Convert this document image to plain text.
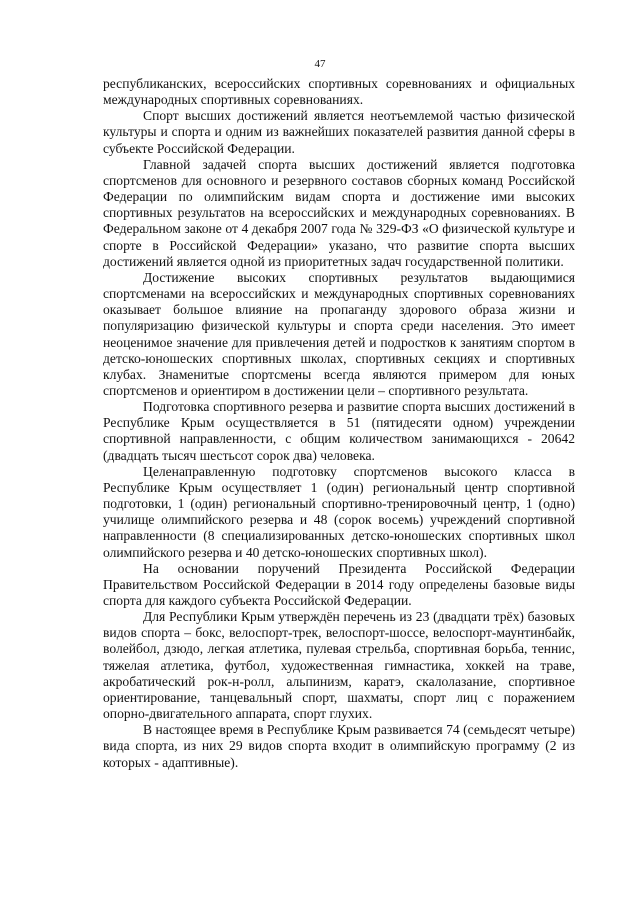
47

республиканских, всероссийских спортивных соревнованиях и официальных международных спортивных соревнованиях.

Спорт высших достижений является неотъемлемой частью физической культуры и спорта и одним из важнейших показателей развития данной сферы в субъекте Российской Федерации.

Главной задачей спорта высших достижений является подготовка спортсменов для основного и резервного составов сборных команд Российской Федерации по олимпийским видам спорта и достижение ими высоких спортивных результатов на всероссийских и международных соревнованиях. В Федеральном законе от 4 декабря 2007 года № 329-ФЗ «О физической культуре и спорте в Российской Федерации» указано, что развитие спорта высших достижений является одной из приоритетных задач государственной политики.

Достижение высоких спортивных результатов выдающимися спортсменами на всероссийских и международных спортивных соревнованиях оказывает большое влияние на пропаганду здорового образа жизни и популяризацию физической культуры и спорта среди населения. Это имеет неоценимое значение для привлечения детей и подростков к занятиям спортом в детско-юношеских спортивных школах, спортивных секциях и спортивных клубах. Знаменитые спортсмены всегда являются примером для юных спортсменов и ориентиром в достижении цели – спортивного результата.

Подготовка спортивного резерва и развитие спорта высших достижений в Республике Крым осуществляется в 51 (пятидесяти одном) учреждении спортивной направленности, с общим количеством занимающихся - 20642 (двадцать тысяч шестьсот сорок два) человека.

Целенаправленную подготовку спортсменов высокого класса в Республике Крым осуществляет 1 (один) региональный центр спортивной подготовки, 1 (один) региональный спортивно-тренировочный центр, 1 (одно) училище олимпийского резерва и 48 (сорок восемь) учреждений спортивной направленности (8 специализированных детско-юношеских спортивных школ олимпийского резерва и 40 детско-юношеских спортивных школ).

На основании поручений Президента Российской Федерации Правительством Российской Федерации в 2014 году определены базовые виды спорта для каждого субъекта Российской Федерации.

Для Республики Крым утверждён перечень из 23 (двадцати трёх) базовых видов спорта – бокс, велоспорт-трек, велоспорт-шоссе, велоспорт-маунтинбайк, волейбол, дзюдо, легкая атлетика, пулевая стрельба, спортивная борьба, теннис, тяжелая атлетика, футбол, художественная гимнастика, хоккей на траве, акробатический рок-н-ролл, альпинизм, каратэ, скалолазание, спортивное ориентирование, танцевальный спорт, шахматы, спорт лиц с поражением опорно-двигательного аппарата, спорт глухих.

В настоящее время в Республике Крым развивается 74 (семьдесят четыре) вида спорта, из них 29 видов спорта входит в олимпийскую программу (2 из которых - адаптивные).
